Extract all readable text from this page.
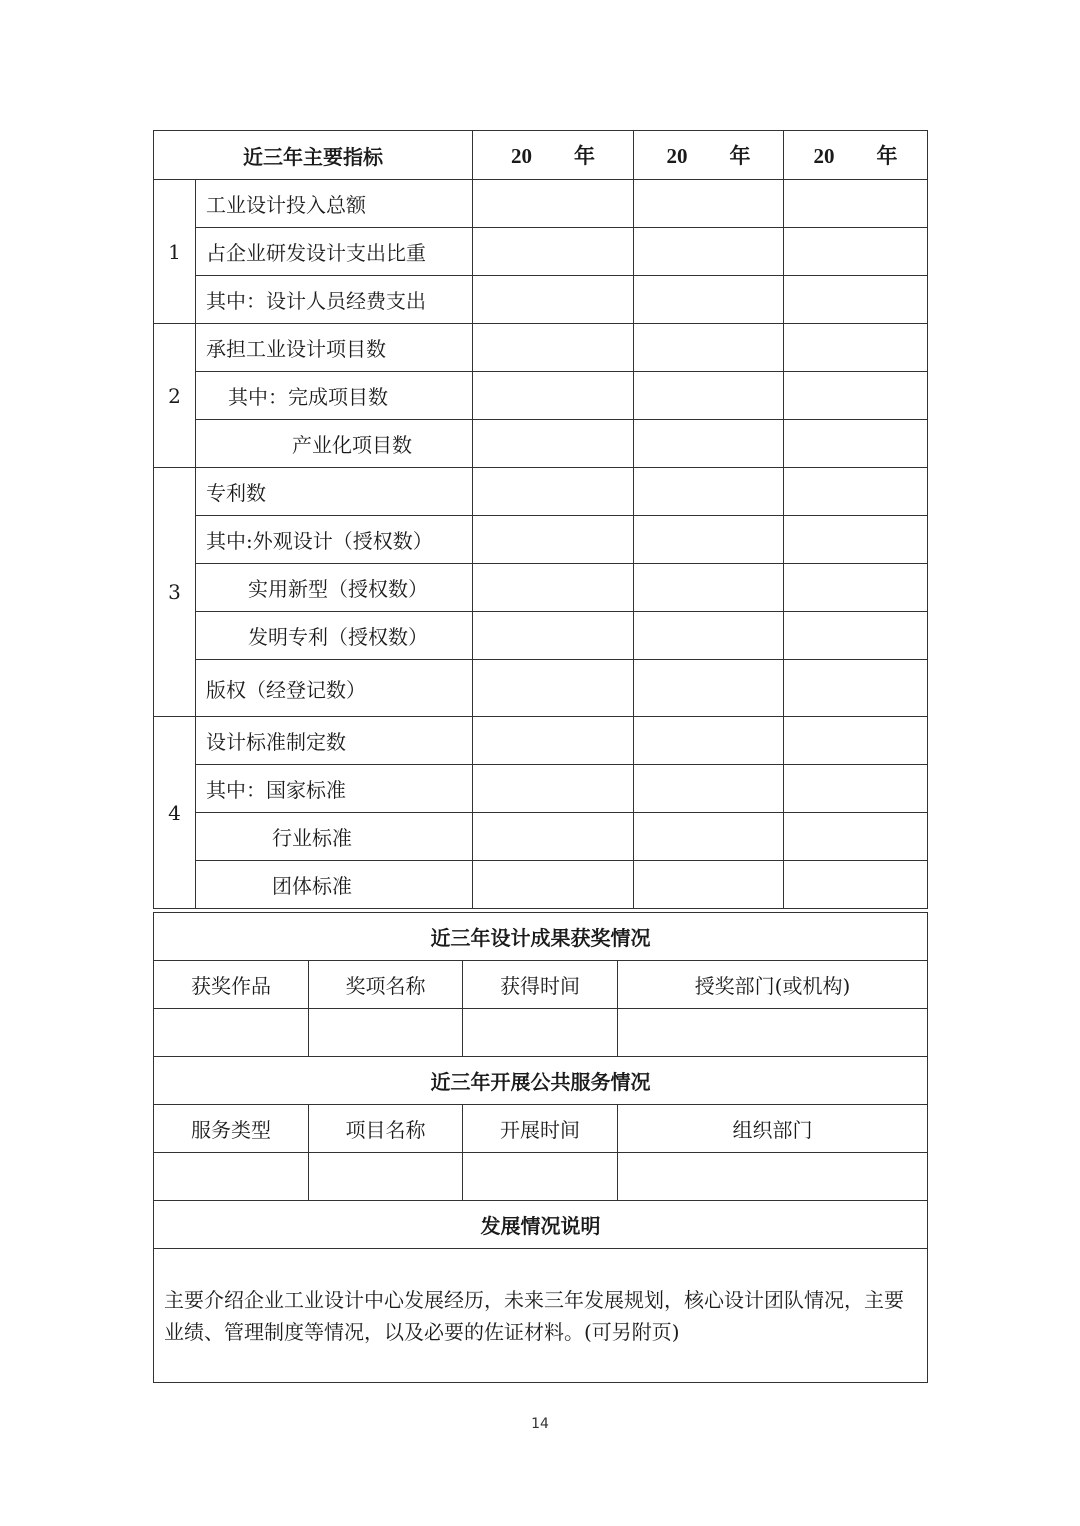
近三年主要指标		20　　年	20　　年	20　　年
1	工业设计投入总额			
	占企业研发设计支出比重			
	其中：设计人员经费支出			
2	承担工业设计项目数			
	其中：完成项目数			
	产业化项目数			
3	专利数			
	其中:外观设计（授权数）			
	实用新型（授权数）			
	发明专利（授权数）			
	版权（经登记数）			
4	设计标准制定数			
	其中：国家标准			
	行业标准			
	团体标准			
近三年设计成果获奖情况			
获奖作品	奖项名称	获得时间	授奖部门(或机构)

近三年开展公共服务情况			
服务类型	项目名称	开展时间	组织部门

发展情况说明			
主要介绍企业工业设计中心发展经历，未来三年发展规划，核心设计团队情况，主要业绩、管理制度等情况，以及必要的佐证材料。(可另附页)			
14
